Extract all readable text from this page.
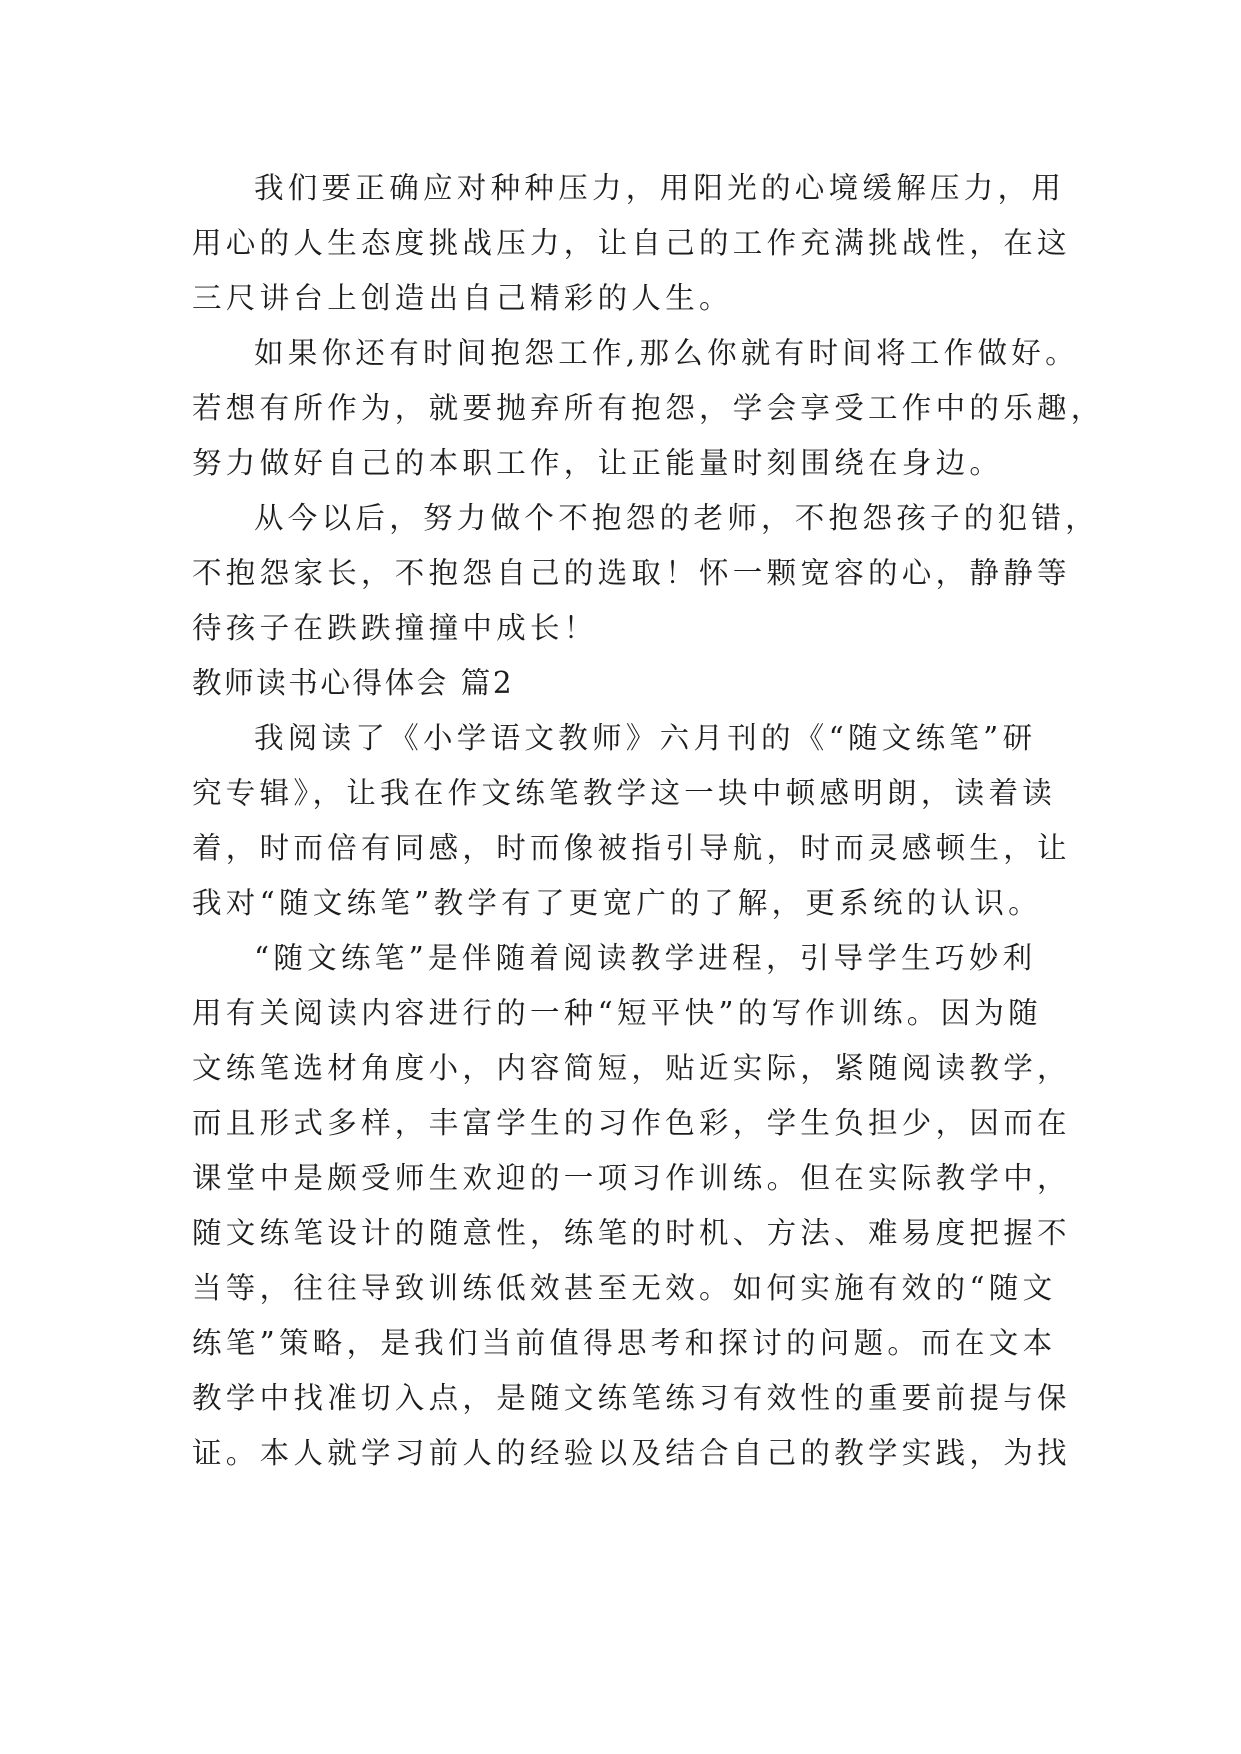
我们要正确应对种种压力，用阳光的心境缓解压力，用
用心的人生态度挑战压力，让自己的工作充满挑战性，在这
三尺讲台上创造出自己精彩的人生。
如果你还有时间抱怨工作,那么你就有时间将工作做好。
若想有所作为，就要抛弃所有抱怨，学会享受工作中的乐趣，
努力做好自己的本职工作，让正能量时刻围绕在身边。
从今以后，努力做个不抱怨的老师，不抱怨孩子的犯错，
不抱怨家长，不抱怨自己的选取！怀一颗宽容的心，静静等
待孩子在跌跌撞撞中成长！
教师读书心得体会 篇2
我阅读了《小学语文教师》六月刊的《“随文练笔”研
究专辑》，让我在作文练笔教学这一块中顿感明朗，读着读
着，时而倍有同感，时而像被指引导航，时而灵感顿生，让
我对“随文练笔”教学有了更宽广的了解，更系统的认识。
“随文练笔”是伴随着阅读教学进程，引导学生巧妙利
用有关阅读内容进行的一种“短平快”的写作训练。因为随
文练笔选材角度小，内容简短，贴近实际，紧随阅读教学，
而且形式多样，丰富学生的习作色彩，学生负担少，因而在
课堂中是颇受师生欢迎的一项习作训练。但在实际教学中，
随文练笔设计的随意性，练笔的时机、方法、难易度把握不
当等，往往导致训练低效甚至无效。如何实施有效的“随文
练笔”策略，是我们当前值得思考和探讨的问题。而在文本
教学中找准切入点，是随文练笔练习有效性的重要前提与保
证。本人就学习前人的经验以及结合自己的教学实践，为找
